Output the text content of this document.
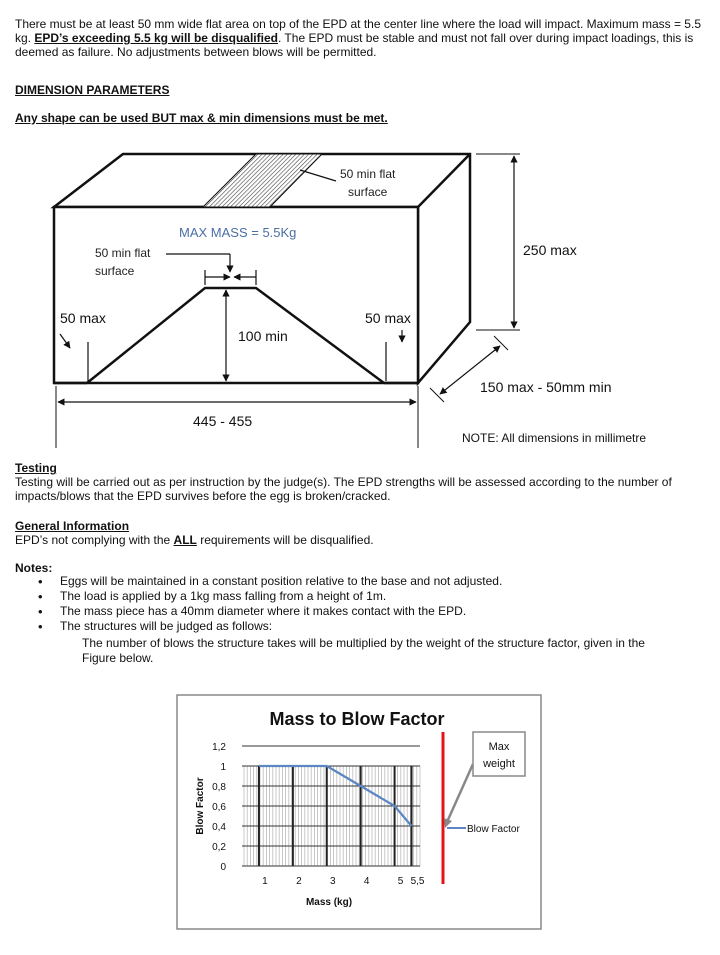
There must be at least 50 mm wide flat area on top of the EPD at the center line where the load will impact. Maximum mass = 5.5 kg. EPD’s exceeding 5.5 kg will be disqualified. The EPD must be stable and must not fall over during impact loadings, this is deemed as failure. No adjustments between blows will be permitted.
DIMENSION PARAMETERS
Any shape can be used BUT max & min dimensions must be met.
50 min flat
surface
MAX MASS = 5.5Kg
50 min flat
surface
250 max
50 max	50 max
100 min
150 max - 50mm min
445 - 455
NOTE: All dimensions in millimetre
Testing
Testing will be carried out as per instruction by the judge(s). The EPD strengths will be assessed according to the number of impacts/blows that the EPD survives before the egg is broken/cracked.
General Information
EPD’s not complying with the ALL requirements will be disqualified.
Notes:
• Eggs will be maintained in a constant position relative to the base and not adjusted.
• The load is applied by a 1kg mass falling from a height of 1m.
• The mass piece has a 40mm diameter where it makes contact with the EPD.
• The structures will be judged as follows:
The number of blows the structure takes will be multiplied by the weight of the structure factor, given in the Figure below.
Mass to Blow Factor
0
0,2
0,4
0,6
0,8
1
1,2
1	2	3	4	5 5,5
Mass (kg)
Blow Factor
Max
weight
Blow Factor
